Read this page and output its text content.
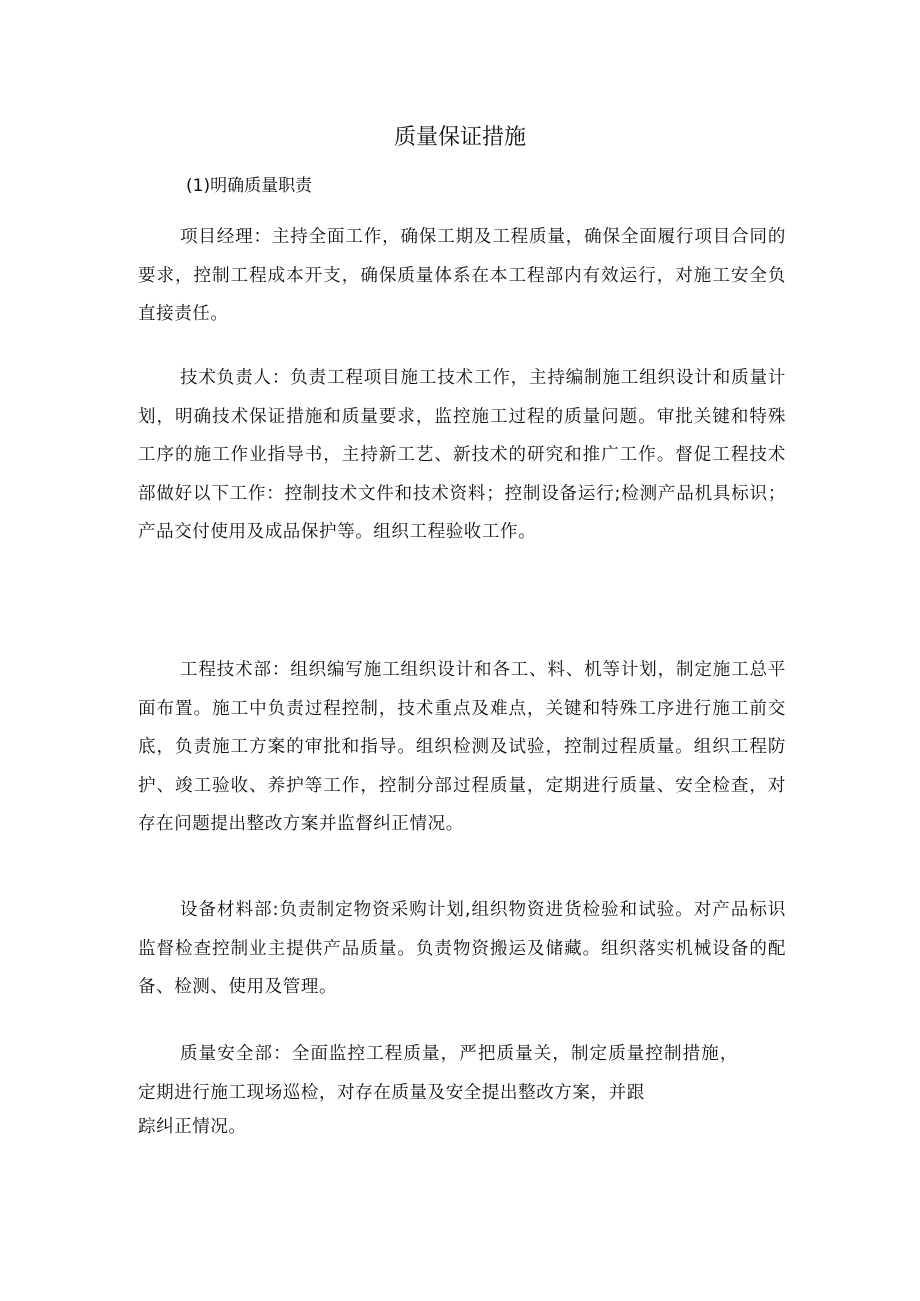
质量保证措施

(1)明确质量职责

项目经理：主持全面工作，确保工期及工程质量，确保全面履行项目合同的要求，控制工程成本开支，确保质量体系在本工程部内有效运行，对施工安全负直接责任。

技术负责人：负责工程项目施工技术工作，主持编制施工组织设计和质量计划，明确技术保证措施和质量要求，监控施工过程的质量问题。审批关键和特殊工序的施工作业指导书，主持新工艺、新技术的研究和推广工作。督促工程技术部做好以下工作：控制技术文件和技术资料；控制设备运行;检测产品机具标识；产品交付使用及成品保护等。组织工程验收工作。

工程技术部：组织编写施工组织设计和各工、料、机等计划，制定施工总平面布置。施工中负责过程控制，技术重点及难点，关键和特殊工序进行施工前交底，负责施工方案的审批和指导。组织检测及试验，控制过程质量。组织工程防护、竣工验收、养护等工作，控制分部过程质量，定期进行质量、安全检查，对存在问题提出整改方案并监督纠正情况。

设备材料部:负责制定物资采购计划,组织物资进货检验和试验。对产品标识监督检查控制业主提供产品质量。负责物资搬运及储藏。组织落实机械设备的配备、检测、使用及管理。

质量安全部：全面监控工程质量，严把质量关，制定质量控制措施，定期进行施工现场巡检，对存在质量及安全提出整改方案，并跟

踪纠正情况。
